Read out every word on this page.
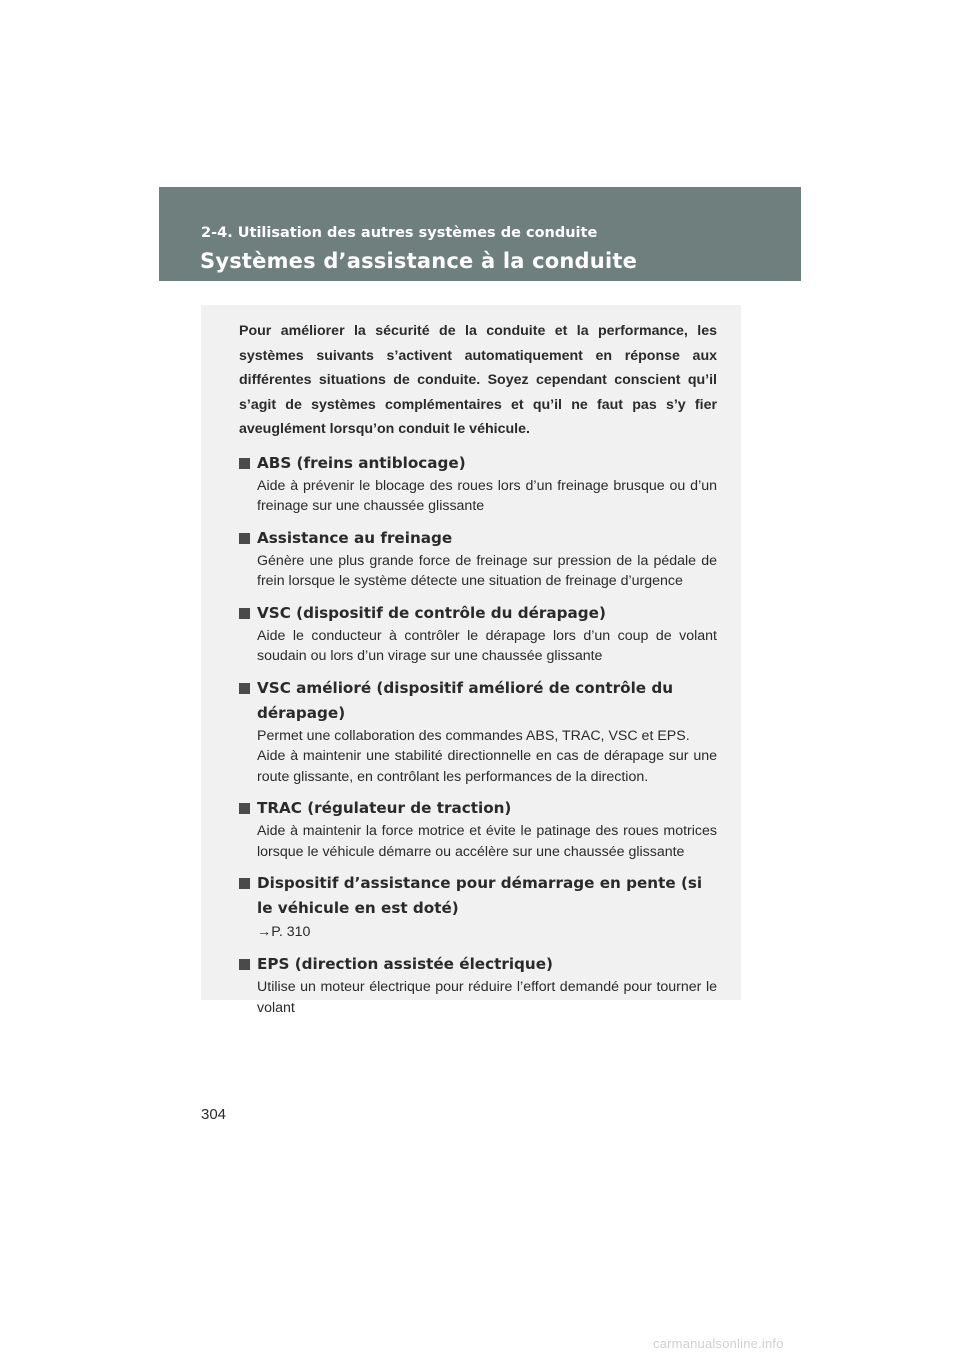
2-4. Utilisation des autres systèmes de conduite
Systèmes d’assistance à la conduite

Pour améliorer la sécurité de la conduite et la performance, les systèmes suivants s’activent automatiquement en réponse aux différentes situations de conduite. Soyez cependant conscient qu’il s’agit de systèmes complémentaires et qu’il ne faut pas s’y fier aveuglément lorsqu’on conduit le véhicule.

ABS (freins antiblocage)
Aide à prévenir le blocage des roues lors d’un freinage brusque ou d’un freinage sur une chaussée glissante
Assistance au freinage
Génère une plus grande force de freinage sur pression de la pédale de frein lorsque le système détecte une situation de freinage d’urgence
VSC (dispositif de contrôle du dérapage)
Aide le conducteur à contrôler le dérapage lors d’un coup de volant soudain ou lors d’un virage sur une chaussée glissante
VSC amélioré (dispositif amélioré de contrôle du dérapage)
Permet une collaboration des commandes ABS, TRAC, VSC et EPS.
Aide à maintenir une stabilité directionnelle en cas de dérapage sur une route glissante, en contrôlant les performances de la direction.
TRAC (régulateur de traction)
Aide à maintenir la force motrice et évite le patinage des roues motrices lorsque le véhicule démarre ou accélère sur une chaussée glissante
Dispositif d’assistance pour démarrage en pente (si le véhicule en est doté)
→P. 310
EPS (direction assistée électrique)
Utilise un moteur électrique pour réduire l’effort demandé pour tourner le volant
304
carmanualsonline.info
